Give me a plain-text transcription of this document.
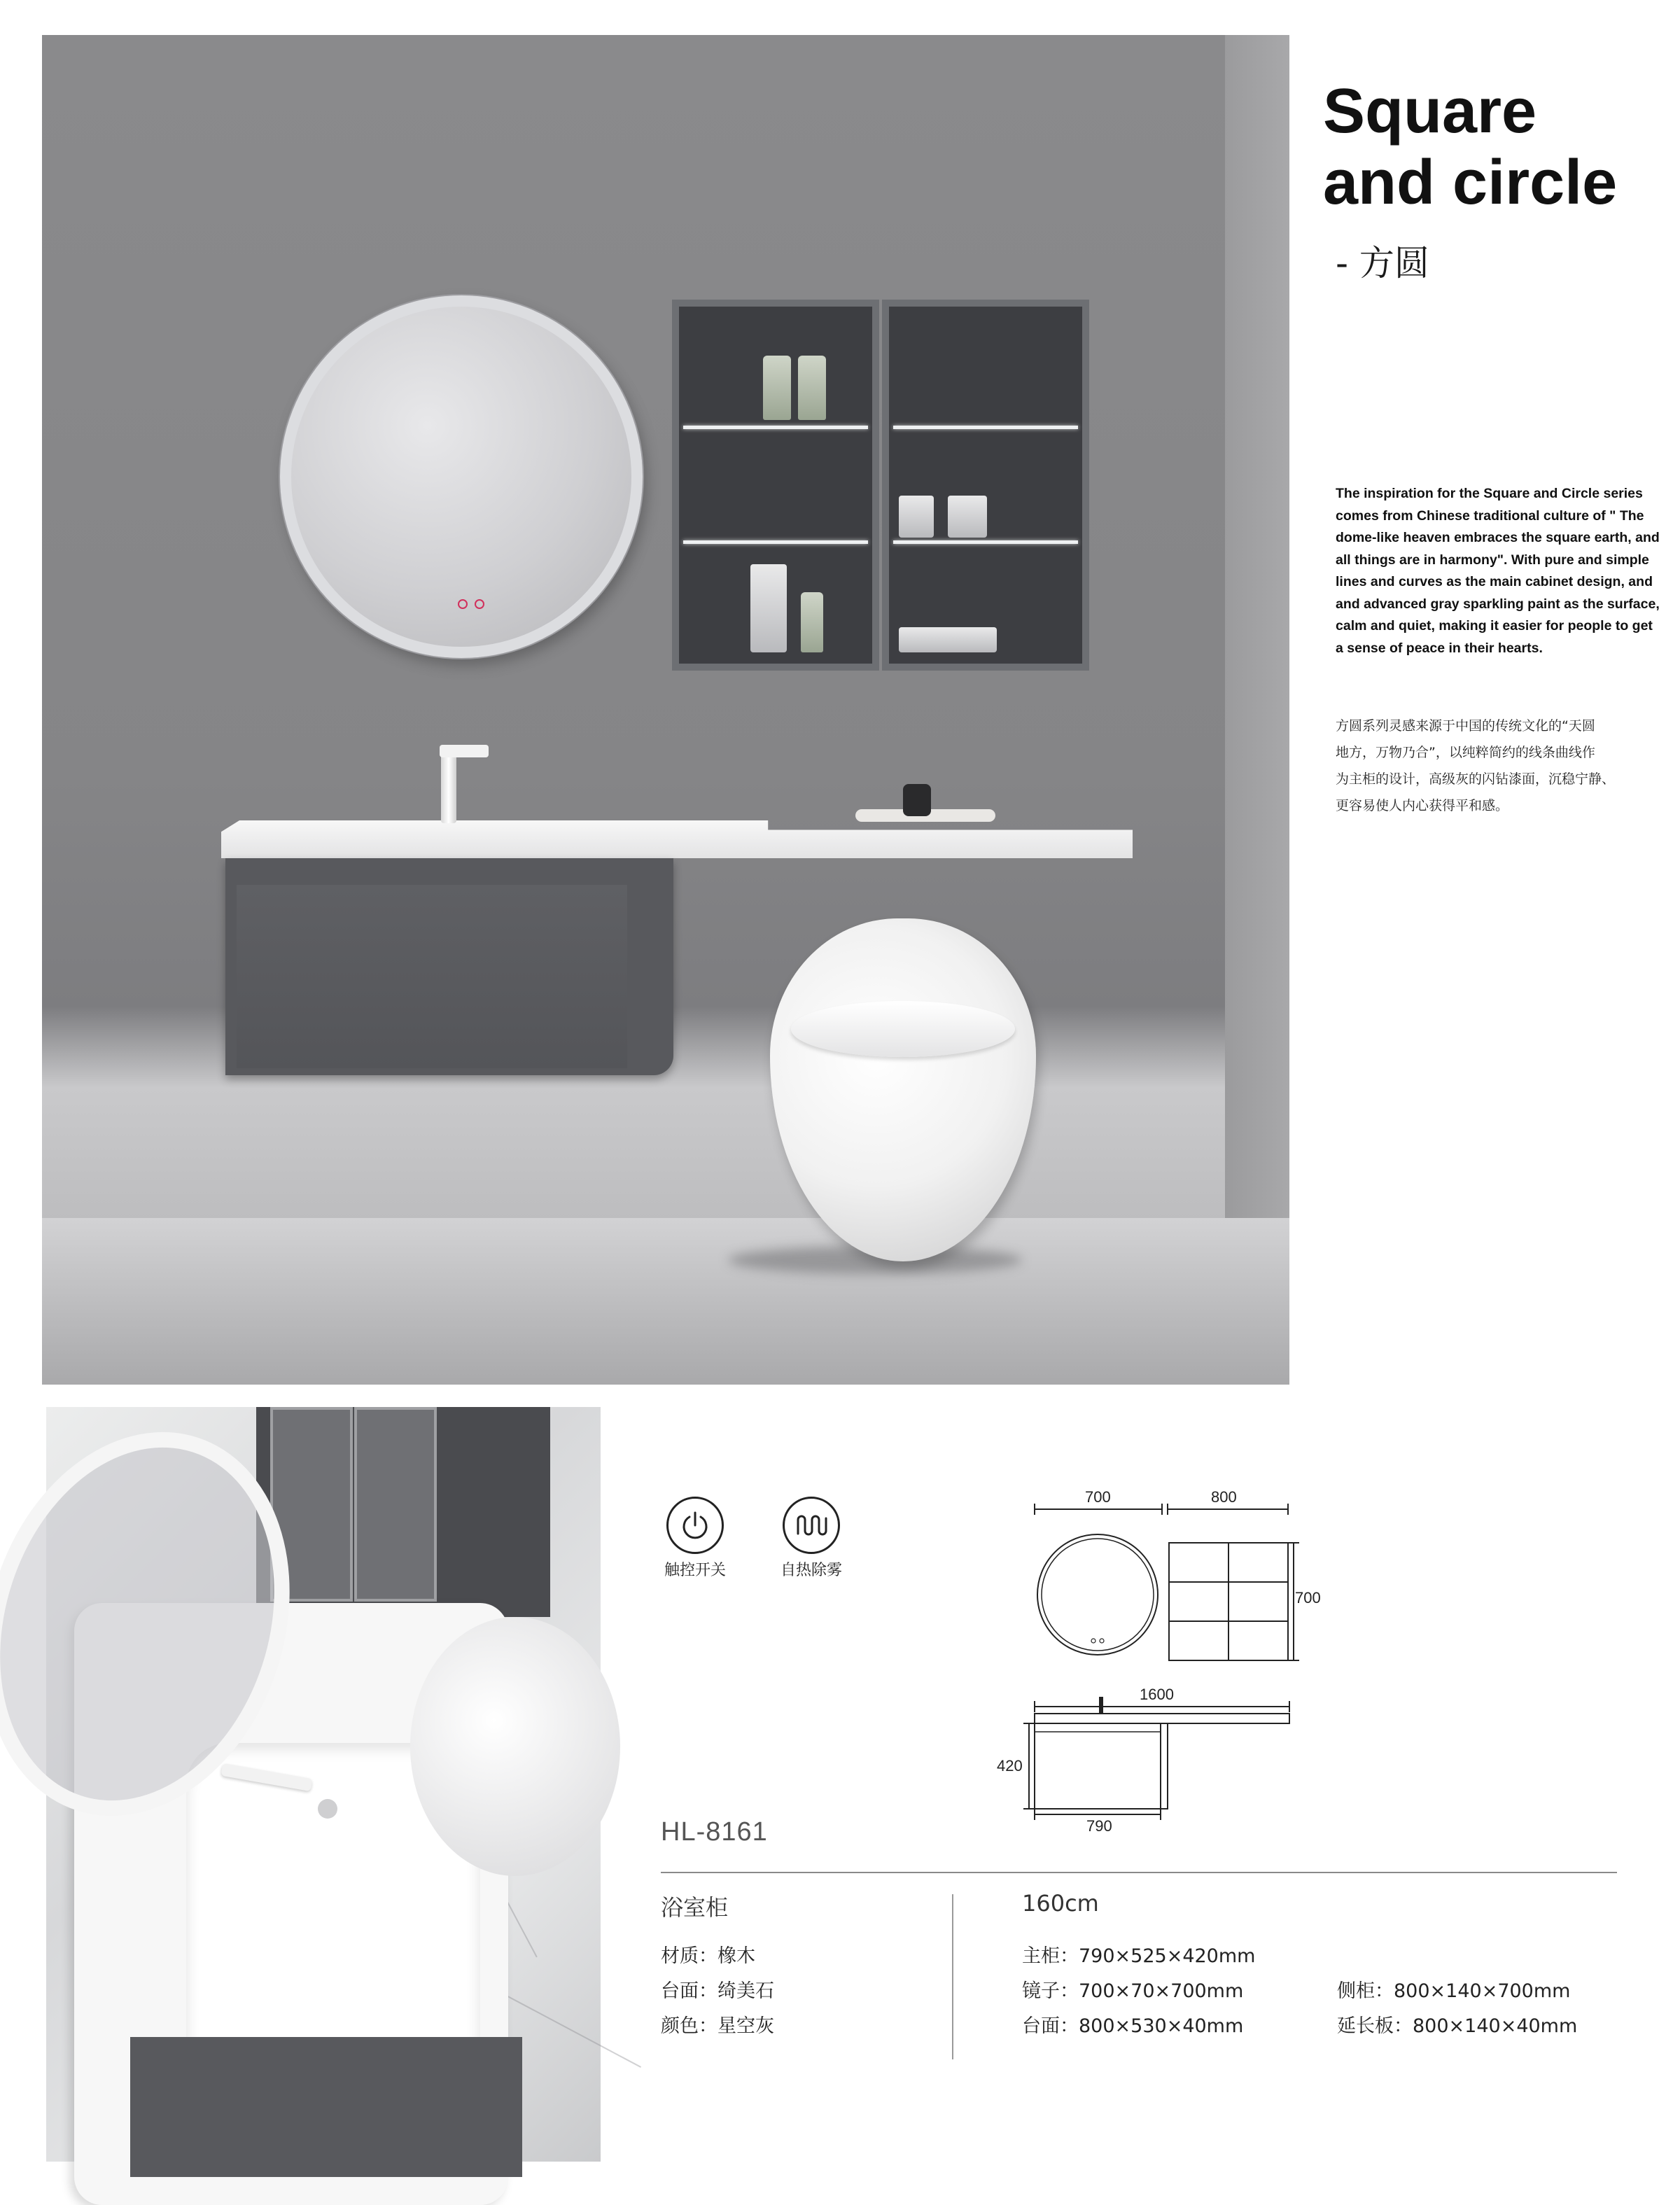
Square
and circle
- 方圆
The inspiration for the Square and Circle series comes from Chinese traditional culture of " The dome-like heaven embraces the square earth, and all things are in harmony". With pure and simple lines and curves as the main cabinet design, and and advanced gray sparkling paint as the surface, calm and quiet, making it easier for people to get a sense of peace in their hearts.
方圆系列灵感来源于中国的传统文化的“天圆
地方，万物乃合”，以纯粹简约的线条曲线作
为主柜的设计，高级灰的闪钻漆面，沉稳宁静、
更容易使人内心获得平和感。
触控开关	自热除雾
700	800
700
1600
420
790
HL-8161
浴室柜
材质：橡木
台面：绮美石
颜色：星空灰
160cm
主柜：790×525×420mm
镜子：700×70×700mm
台面：800×530×40mm
侧柜：800×140×700mm
延长板：800×140×40mm
